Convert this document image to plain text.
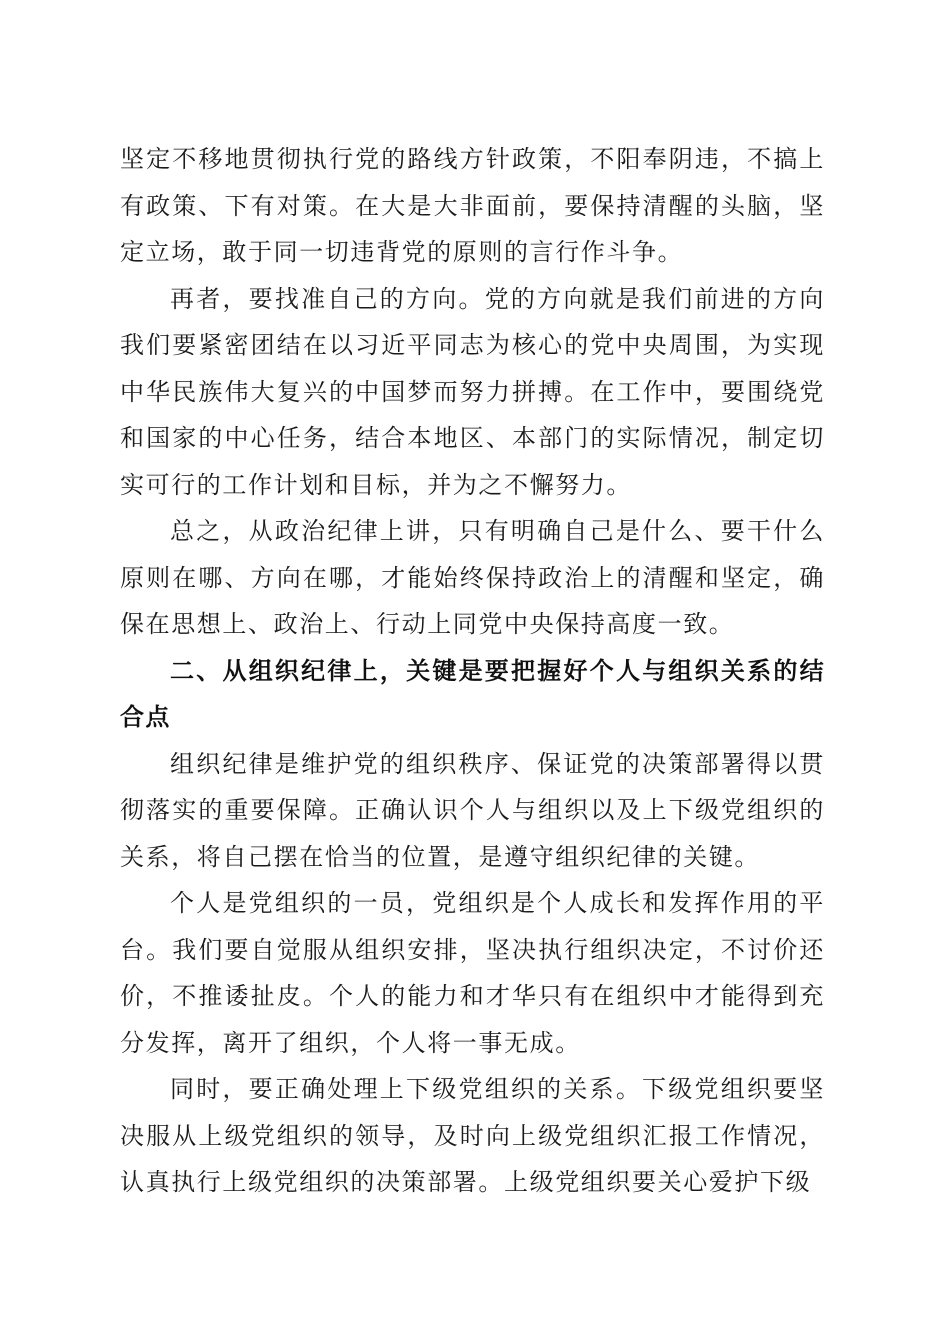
坚定不移地贯彻执行党的路线方针政策，不阳奉阴违，不搞上有政策、下有对策。在大是大非面前，要保持清醒的头脑，坚定立场，敢于同一切违背党的原则的言行作斗争。

再者，要找准自己的方向。党的方向就是我们前进的方向我们要紧密团结在以习近平同志为核心的党中央周围，为实现中华民族伟大复兴的中国梦而努力拼搏。在工作中，要围绕党和国家的中心任务，结合本地区、本部门的实际情况，制定切实可行的工作计划和目标，并为之不懈努力。

总之，从政治纪律上讲，只有明确自己是什么、要干什么原则在哪、方向在哪，才能始终保持政治上的清醒和坚定，确保在思想上、政治上、行动上同党中央保持高度一致。

二、从组织纪律上，关键是要把握好个人与组织关系的结合点

组织纪律是维护党的组织秩序、保证党的决策部署得以贯彻落实的重要保障。正确认识个人与组织以及上下级党组织的关系，将自己摆在恰当的位置，是遵守组织纪律的关键。

个人是党组织的一员，党组织是个人成长和发挥作用的平台。我们要自觉服从组织安排，坚决执行组织决定，不讨价还价，不推诿扯皮。个人的能力和才华只有在组织中才能得到充分发挥，离开了组织，个人将一事无成。

同时，要正确处理上下级党组织的关系。下级党组织要坚决服从上级党组织的领导，及时向上级党组织汇报工作情况，认真执行上级党组织的决策部署。上级党组织要关心爱护下级
